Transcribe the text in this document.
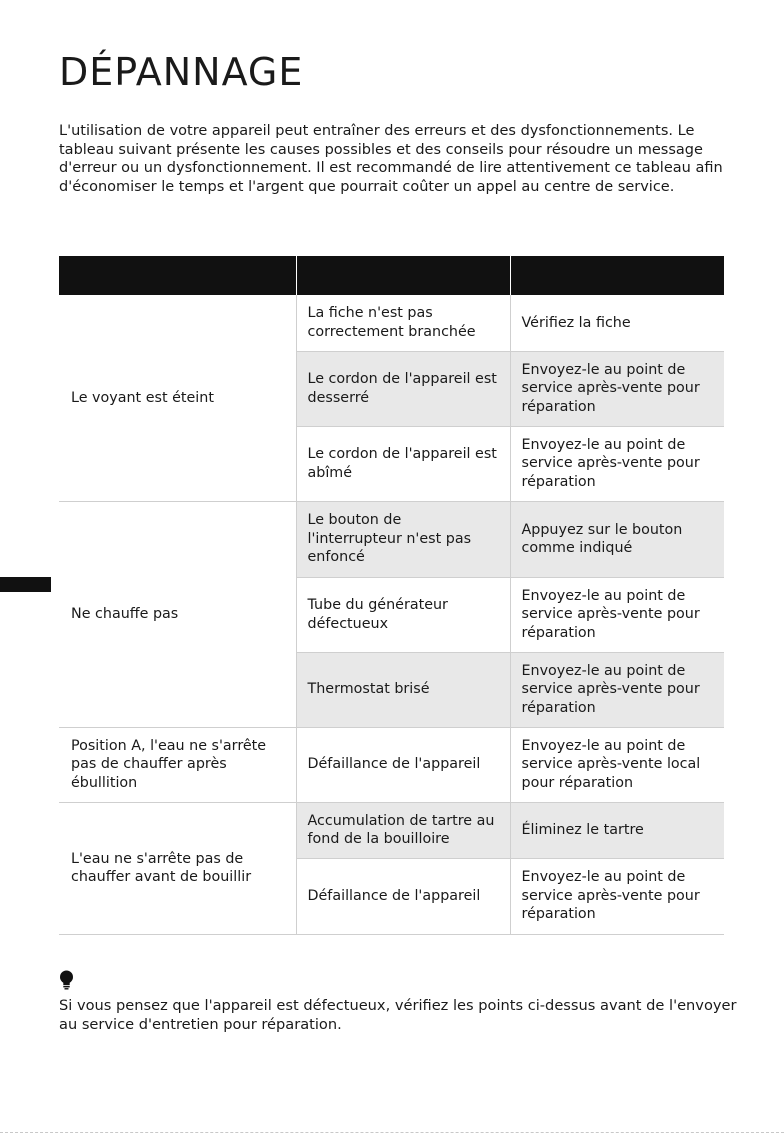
DÉPANNAGE

L'utilisation de votre appareil peut entraîner des erreurs et des dysfonctionnements. Le tableau suivant présente les causes possibles et des conseils pour résoudre un message d'erreur ou un dysfonctionnement. Il est recommandé de lire attentivement ce tableau afin d'économiser le temps et l'argent que pourrait coûter un appel au centre de service.

Le voyant est éteint	La fiche n'est pas correctement branchée	Vérifiez la fiche
	Le cordon de l'appareil est desserré	Envoyez-le au point de service après-vente pour réparation
	Le cordon de l'appareil est abîmé	Envoyez-le au point de service après-vente pour réparation
Ne chauffe pas	Le bouton de l'interrupteur n'est pas enfoncé	Appuyez sur le bouton comme indiqué
	Tube du générateur défectueux	Envoyez-le au point de service après-vente pour réparation
	Thermostat brisé	Envoyez-le au point de service après-vente pour réparation
Position A, l'eau ne s'arrête pas de chauffer après ébullition	Défaillance de l'appareil	Envoyez-le au point de service après-vente local pour réparation
L'eau ne s'arrête pas de chauffer avant de bouillir	Accumulation de tartre au fond de la bouilloire	Éliminez le tartre
	Défaillance de l'appareil	Envoyez-le au point de service après-vente pour réparation

Si vous pensez que l'appareil est défectueux, vérifiez les points ci-dessus avant de l'envoyer au service d'entretien pour réparation.
